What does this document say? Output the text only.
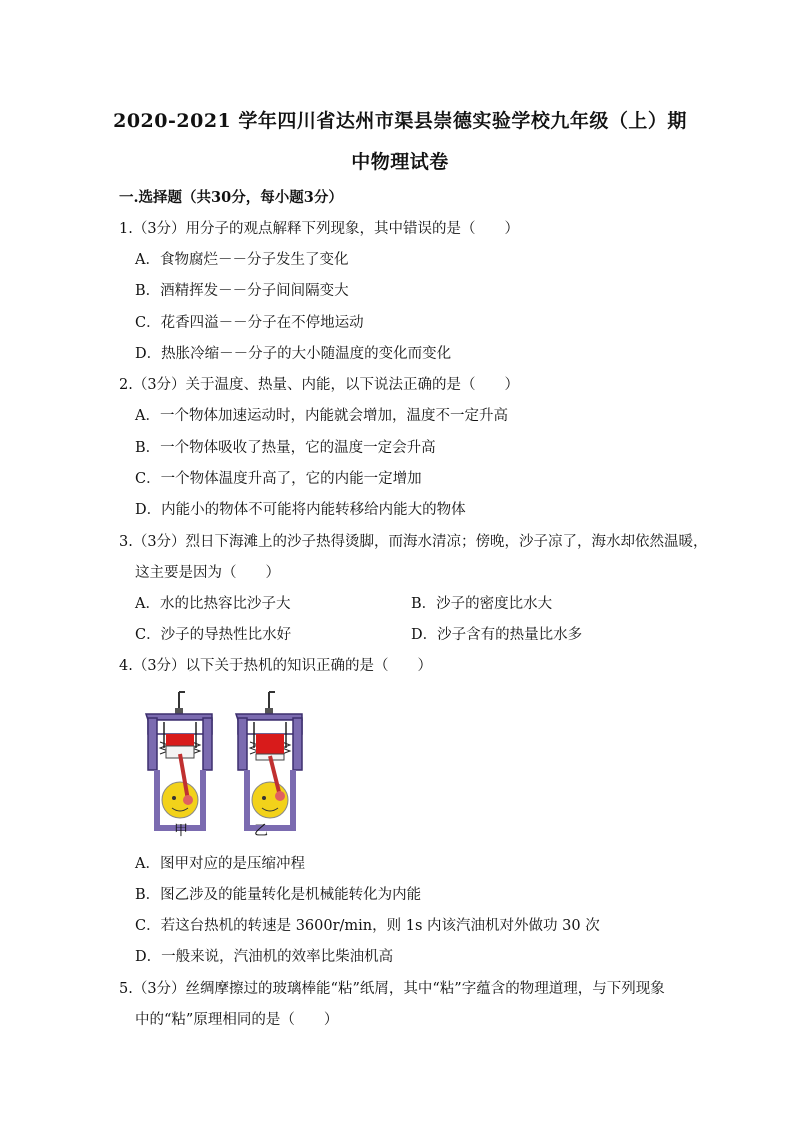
2020-2021 学年四川省达州市渠县崇德实验学校九年级（上）期
中物理试卷
一.选择题（共30分，每小题3分）
1.（3分）用分子的观点解释下列现象，其中错误的是（　　）
A．食物腐烂－－分子发生了变化
B．酒精挥发－－分子间间隔变大
C．花香四溢－－分子在不停地运动
D．热胀冷缩－－分子的大小随温度的变化而变化
2.（3分）关于温度、热量、内能，以下说法正确的是（　　）
A．一个物体加速运动时，内能就会增加，温度不一定升高
B．一个物体吸收了热量，它的温度一定会升高
C．一个物体温度升高了，它的内能一定增加
D．内能小的物体不可能将内能转移给内能大的物体
3.（3分）烈日下海滩上的沙子热得烫脚，而海水清凉；傍晚，沙子凉了，海水却依然温暖，
这主要是因为（　　）
A．水的比热容比沙子大	B．沙子的密度比水大
C．沙子的导热性比水好	D．沙子含有的热量比水多
4.（3分）以下关于热机的知识正确的是（　　）
甲	乙
A．图甲对应的是压缩冲程
B．图乙涉及的能量转化是机械能转化为内能
C．若这台热机的转速是 3600r/min，则 1s 内该汽油机对外做功 30 次
D．一般来说，汽油机的效率比柴油机高
5.（3分）丝绸摩擦过的玻璃棒能“粘”纸屑，其中“粘”字蕴含的物理道理，与下列现象
中的“粘”原理相同的是（　　）
